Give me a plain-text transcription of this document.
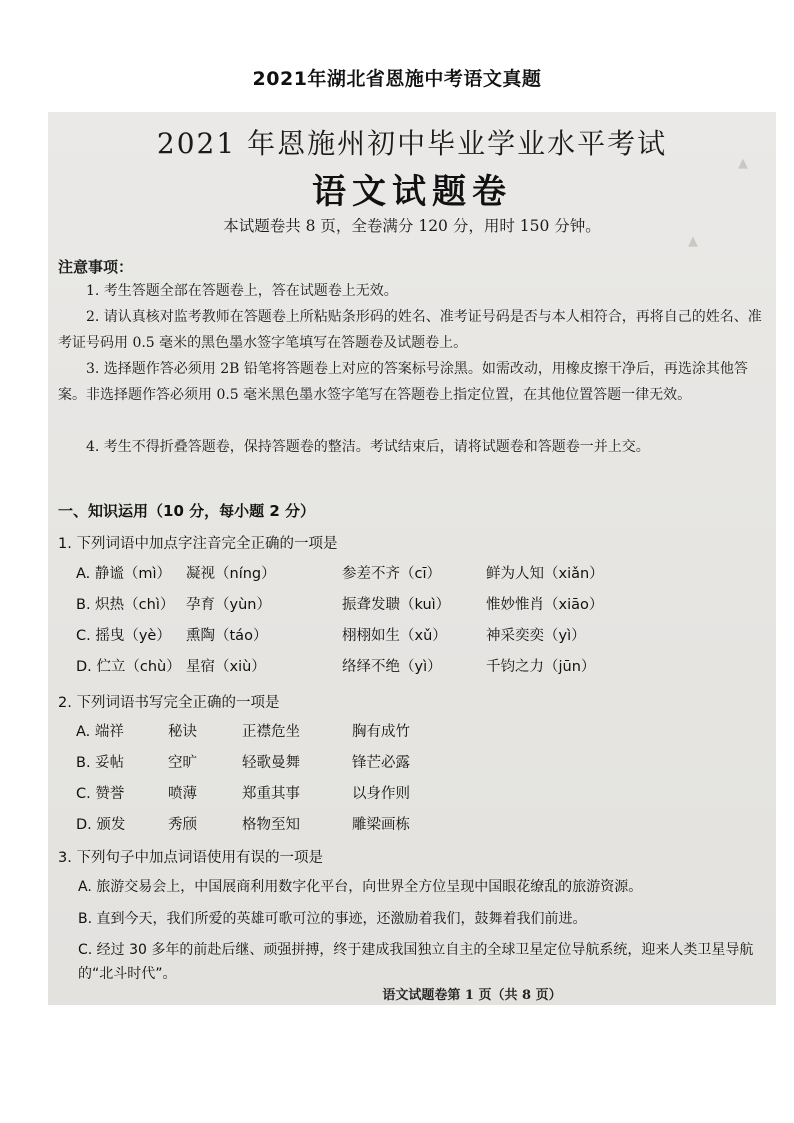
2021年湖北省恩施中考语文真题
▲
▲
2021 年恩施州初中毕业学业水平考试
语文试题卷
本试题卷共 8 页，全卷满分 120 分，用时 150 分钟。
注意事项：
1. 考生答题全部在答题卷上，答在试题卷上无效。
2. 请认真核对监考教师在答题卷上所粘贴条形码的姓名、准考证号码是否与本人相符合，再将自己的姓名、准考证号码用 0.5 毫米的黑色墨水签字笔填写在答题卷及试题卷上。
3. 选择题作答必须用 2B 铅笔将答题卷上对应的答案标号涂黑。如需改动，用橡皮擦干净后，再选涂其他答案。非选择题作答必须用 0.5 毫米黑色墨水签字笔写在答题卷上指定位置，在其他位置答题一律无效。
4. 考生不得折叠答题卷，保持答题卷的整洁。考试结束后，请将试题卷和答题卷一并上交。
一、知识运用（10 分，每小题 2 分）
1. 下列词语中加点字注音完全正确的一项是
A. 静谧（mì） 凝视（níng）	参差不齐（cī）	鲜为人知（xiǎn）
B. 炽热（chì） 孕育（yùn）	振聋发聩（kuì） 惟妙惟肖（xiāo）
C. 摇曳（yè） 熏陶（táo）	栩栩如生（xǔ）	神采奕奕（yì）
D. 伫立（chù） 星宿（xiù）	络绎不绝（yì）	千钧之力（jūn）
2. 下列词语书写完全正确的一项是
A. 端祥	秘诀	正襟危坐	胸有成竹
B. 妥帖	空旷	轻歌曼舞	锋芒必露
C. 赞誉	喷薄	郑重其事	以身作则
D. 颁发	秀颀	格物至知	雕梁画栋
3. 下列句子中加点词语使用有误的一项是
A. 旅游交易会上，中国展商利用数字化平台，向世界全方位呈现中国眼花缭乱的旅游资源。
B. 直到今天，我们所爱的英雄可歌可泣的事迹，还激励着我们，鼓舞着我们前进。
C. 经过 30 多年的前赴后继、顽强拼搏，终于建成我国独立自主的全球卫星定位导航系统，迎来人类卫星导航的“北斗时代”。
语文试题卷第 1 页（共 8 页）
